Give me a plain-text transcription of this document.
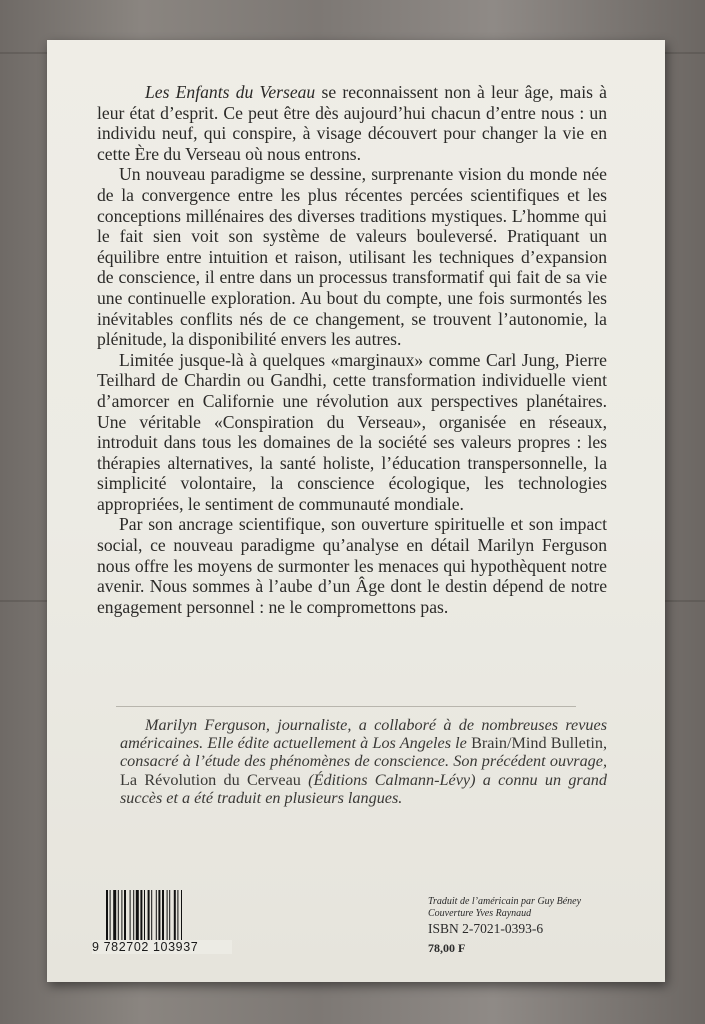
Les Enfants du Verseau se reconnaissent non à leur âge, mais à leur état d’esprit. Ce peut être dès aujourd’hui chacun d’entre nous : un individu neuf, qui conspire, à visage découvert pour changer la vie en cette Ère du Verseau où nous entrons.

Un nouveau paradigme se dessine, surprenante vision du monde née de la convergence entre les plus récentes percées scientifiques et les conceptions millénaires des diverses traditions mystiques. L’homme qui le fait sien voit son système de valeurs bouleversé. Pratiquant un équilibre entre intuition et raison, utilisant les techniques d’expansion de conscience, il entre dans un processus transformatif qui fait de sa vie une continuelle exploration. Au bout du compte, une fois surmontés les inévitables conflits nés de ce changement, se trouvent l’autonomie, la plénitude, la disponibilité envers les autres.

Limitée jusque-là à quelques «marginaux» comme Carl Jung, Pierre Teilhard de Chardin ou Gandhi, cette transformation individuelle vient d’amorcer en Californie une révolution aux perspectives planétaires. Une véritable «Conspiration du Verseau», organisée en réseaux, introduit dans tous les domaines de la société ses valeurs propres : les thérapies alternatives, la santé holiste, l’éducation transpersonnelle, la simplicité volontaire, la conscience écologique, les technologies appropriées, le sentiment de communauté mondiale.

Par son ancrage scientifique, son ouverture spirituelle et son impact social, ce nouveau paradigme qu’analyse en détail Marilyn Ferguson nous offre les moyens de surmonter les menaces qui hypothèquent notre avenir. Nous sommes à l’aube d’un Âge dont le destin dépend de notre engagement personnel : ne le compromettons pas.

Marilyn Ferguson, journaliste, a collaboré à de nombreuses revues américaines. Elle édite actuellement à Los Angeles le Brain/Mind Bulletin, consacré à l’étude des phénomènes de conscience. Son précédent ouvrage, La Révolution du Cerveau (Éditions Calmann-Lévy) a connu un grand succès et a été traduit en plusieurs langues.

9 782702 103937
Traduit de l’américain par Guy Béney
Couverture Yves Raynaud
ISBN 2-7021-0393-6
78,00 F
